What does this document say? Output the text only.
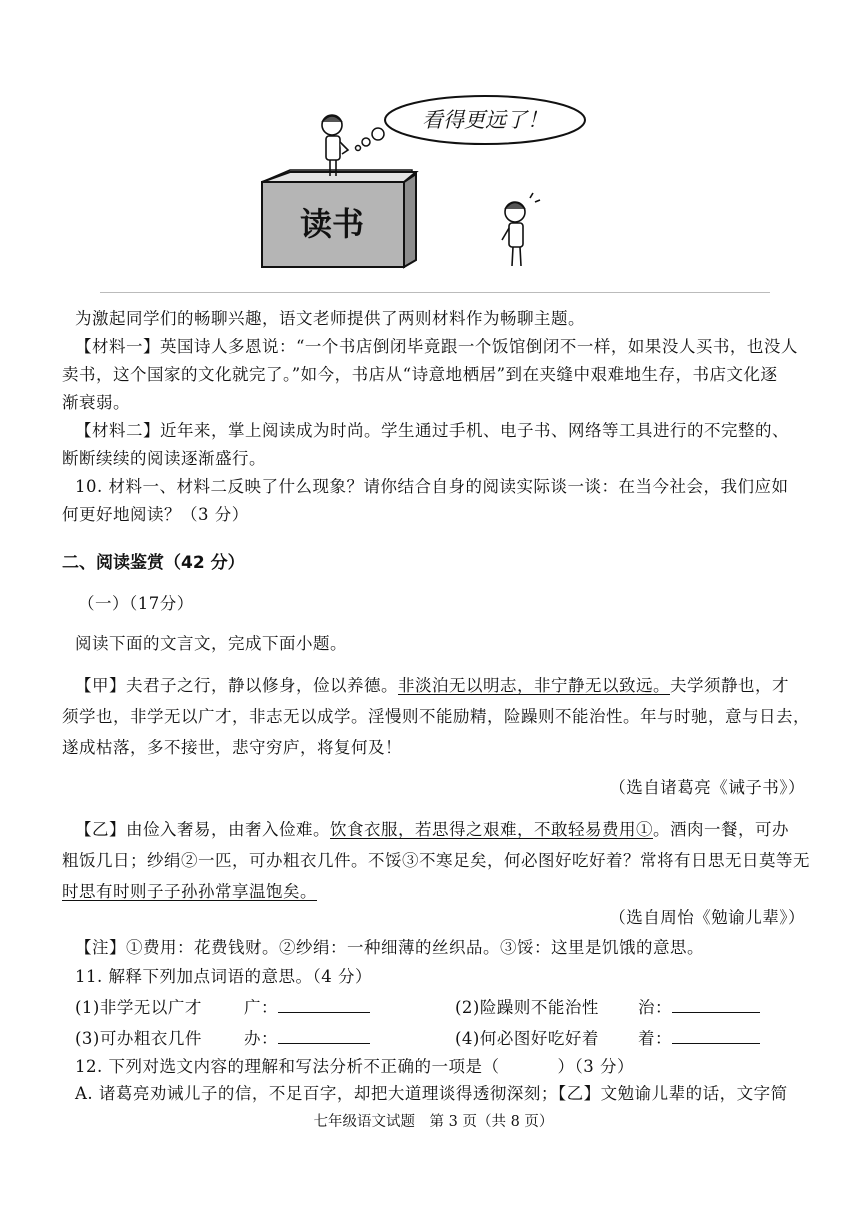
看得更远了！
读书
为激起同学们的畅聊兴趣，语文老师提供了两则材料作为畅聊主题。
【材料一】英国诗人多恩说：“一个书店倒闭毕竟跟一个饭馆倒闭不一样，如果没人买书，也没人
卖书，这个国家的文化就完了。”如今，书店从“诗意地栖居”到在夹缝中艰难地生存，书店文化逐
渐衰弱。
【材料二】近年来，掌上阅读成为时尚。学生通过手机、电子书、网络等工具进行的不完整的、
断断续续的阅读逐渐盛行。
10. 材料一、材料二反映了什么现象？请你结合自身的阅读实际谈一谈：在当今社会，我们应如
何更好地阅读？（3 分）
二、阅读鉴赏（42 分）
（一）（17分）
阅读下面的文言文，完成下面小题。
【甲】夫君子之行，静以修身，俭以养德。非淡泊无以明志，非宁静无以致远。夫学须静也，才
须学也，非学无以广才，非志无以成学。淫慢则不能励精，险躁则不能治性。年与时驰，意与日去，
遂成枯落，多不接世，悲守穷庐，将复何及！
（选自诸葛亮《诫子书》）
【乙】由俭入奢易，由奢入俭难。饮食衣服，若思得之艰难，不敢轻易费用①。酒肉一餐，可办
粗饭几日；纱绢②一匹，可办粗衣几件。不馁③不寒足矣，何必图好吃好着？常将有日思无日莫等无
时思有时则子子孙孙常享温饱矣。
（选自周怡《勉谕儿辈》）
【注】①费用：花费钱财。②纱绢：一种细薄的丝织品。③馁：这里是饥饿的意思。
11. 解释下列加点词语的意思。（4 分）
(1)非学无以广才	广：	(2)险躁则不能治性 治：
(3)可办粗衣几件	办：	(4)何必图好吃好着 着：
12. 下列对选文内容的理解和写法分析不正确的一项是（	）（3 分）
A. 诸葛亮劝诫儿子的信，不足百字，却把大道理谈得透彻深刻；【乙】文勉谕儿辈的话，文字简
七年级语文试题　第 3 页（共 8 页）
